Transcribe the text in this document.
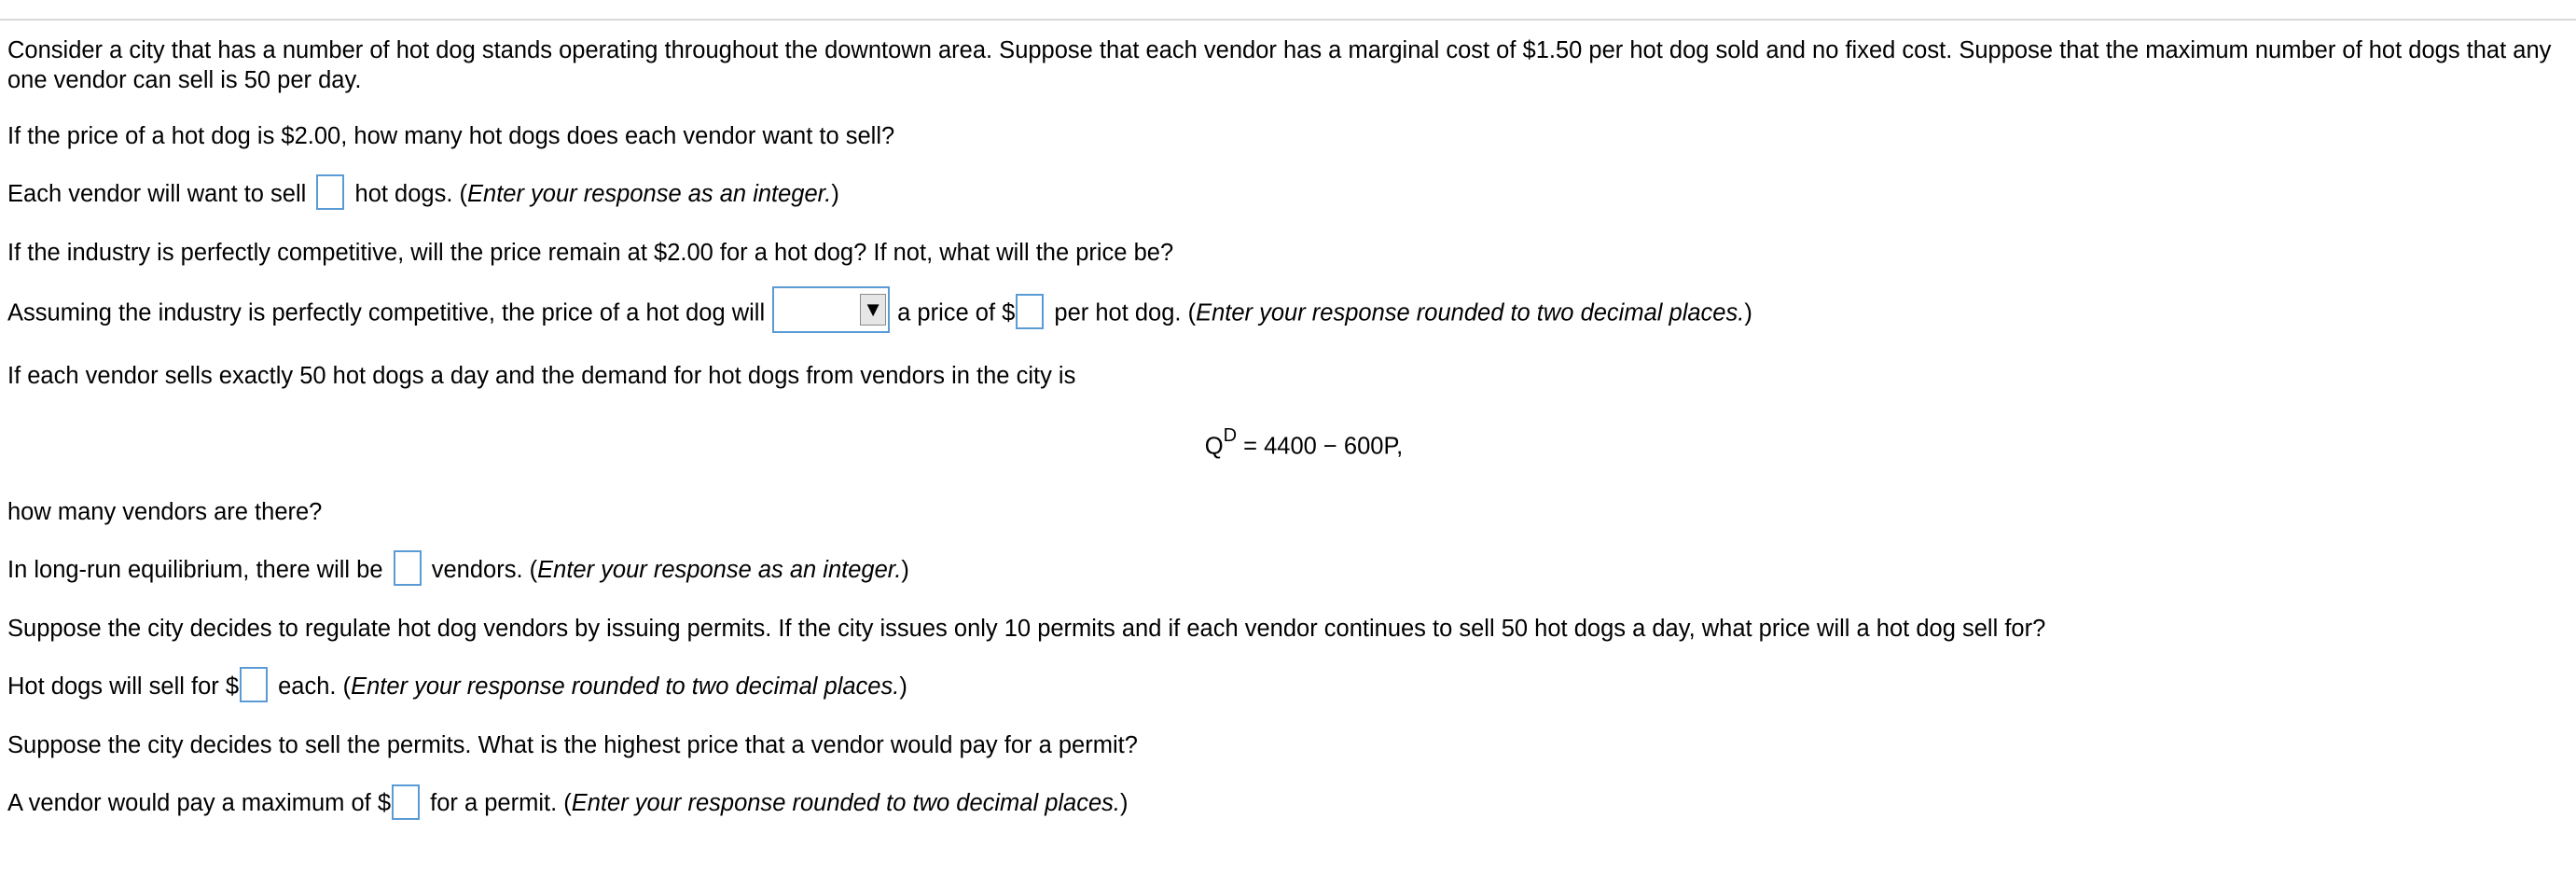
Consider a city that has a number of hot dog stands operating throughout the downtown area. Suppose that each vendor has a marginal cost of $1.50 per hot dog sold and no fixed cost. Suppose that the maximum number of hot dogs that any one vendor can sell is 50 per day.

If the price of a hot dog is $2.00, how many hot dogs does each vendor want to sell?

Each vendor will want to sell hot dogs. (Enter your response as an integer.)

If the industry is perfectly competitive, will the price remain at $2.00 for a hot dog? If not, what will the price be?

Assuming the industry is perfectly competitive, the price of a hot dog will	▼ a price of $ per hot dog. (Enter your response rounded to two decimal places.)

If each vendor sells exactly 50 hot dogs a day and the demand for hot dogs from vendors in the city is

$Q^D = 4400 - 600P$,

how many vendors are there?

In long-run equilibrium, there will be vendors. (Enter your response as an integer.)

Suppose the city decides to regulate hot dog vendors by issuing permits. If the city issues only 10 permits and if each vendor continues to sell 50 hot dogs a day, what price will a hot dog sell for?

Hot dogs will sell for $ each. (Enter your response rounded to two decimal places.)

Suppose the city decides to sell the permits. What is the highest price that a vendor would pay for a permit?

A vendor would pay a maximum of $ for a permit. (Enter your response rounded to two decimal places.)
